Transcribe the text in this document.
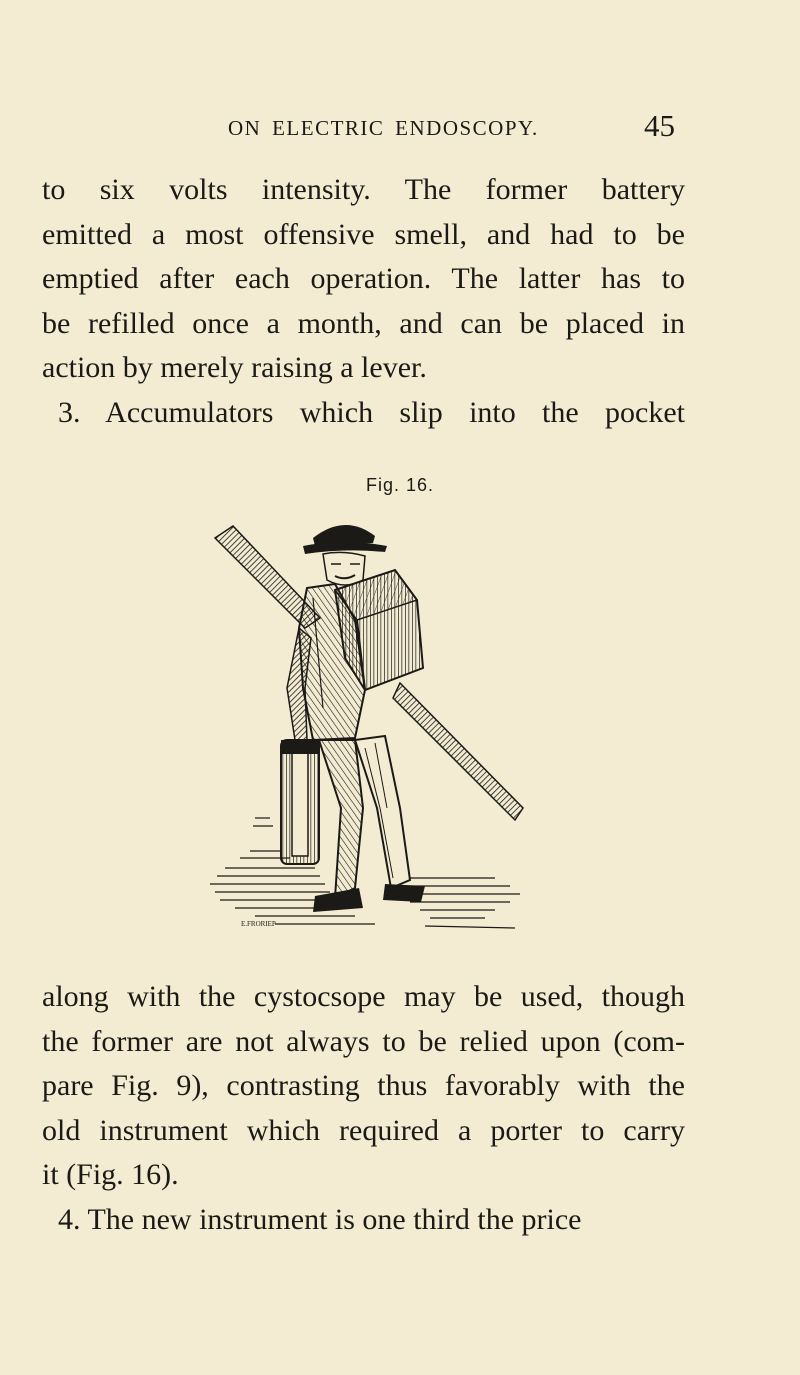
ON ELECTRIC ENDOSCOPY.	45
to six volts intensity. The former battery
emitted a most offensive smell, and had to be
emptied after each operation. The latter has to
be refilled once a month, and can be placed in
action by merely raising a lever.
3. Accumulators which slip into the pocket
Fig. 16.
E.FRORIEP
along with the cystocsope may be used, though
the former are not always to be relied upon (com-
pare Fig. 9), contrasting thus favorably with the
old instrument which required a porter to carry
it (Fig. 16).
4. The new instrument is one third the price
